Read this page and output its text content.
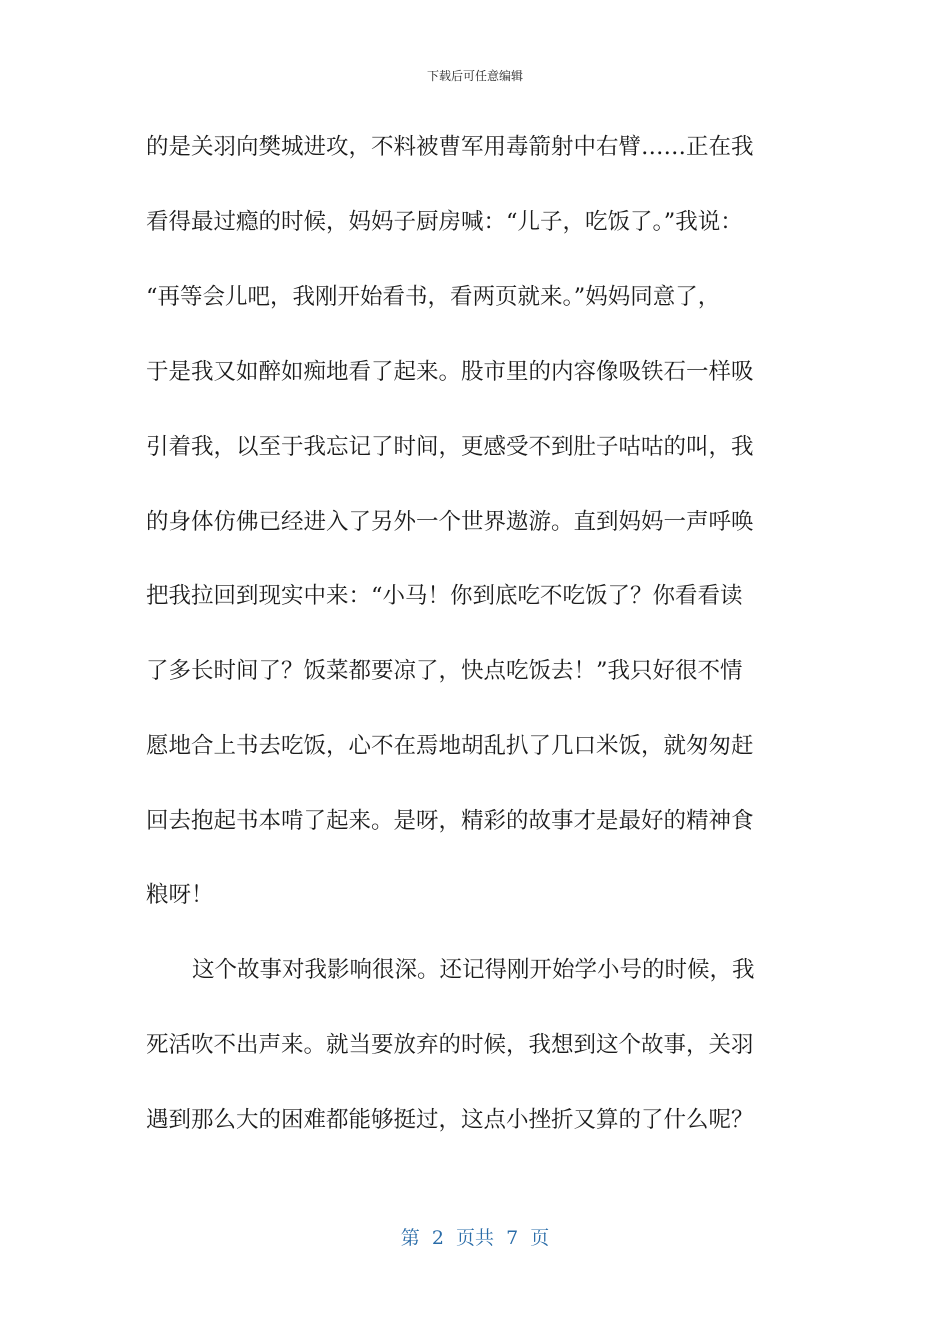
下载后可任意编辑
的是关羽向樊城进攻，不料被曹军用毒箭射中右臂……正在我
看得最过瘾的时候，妈妈子厨房喊：“儿子，吃饭了。”我说：
“再等会儿吧，我刚开始看书，看两页就来。”妈妈同意了，
于是我又如醉如痴地看了起来。股市里的内容像吸铁石一样吸
引着我，以至于我忘记了时间，更感受不到肚子咕咕的叫，我
的身体仿佛已经进入了另外一个世界遨游。直到妈妈一声呼唤
把我拉回到现实中来：“小马！你到底吃不吃饭了？你看看读
了多长时间了？饭菜都要凉了，快点吃饭去！”我只好很不情
愿地合上书去吃饭，心不在焉地胡乱扒了几口米饭，就匆匆赶
回去抱起书本啃了起来。是呀，精彩的故事才是最好的精神食
粮呀！
这个故事对我影响很深。还记得刚开始学小号的时候，我
死活吹不出声来。就当要放弃的时候，我想到这个故事，关羽
遇到那么大的困难都能够挺过，这点小挫折又算的了什么呢？
第  2  页共  7  页
